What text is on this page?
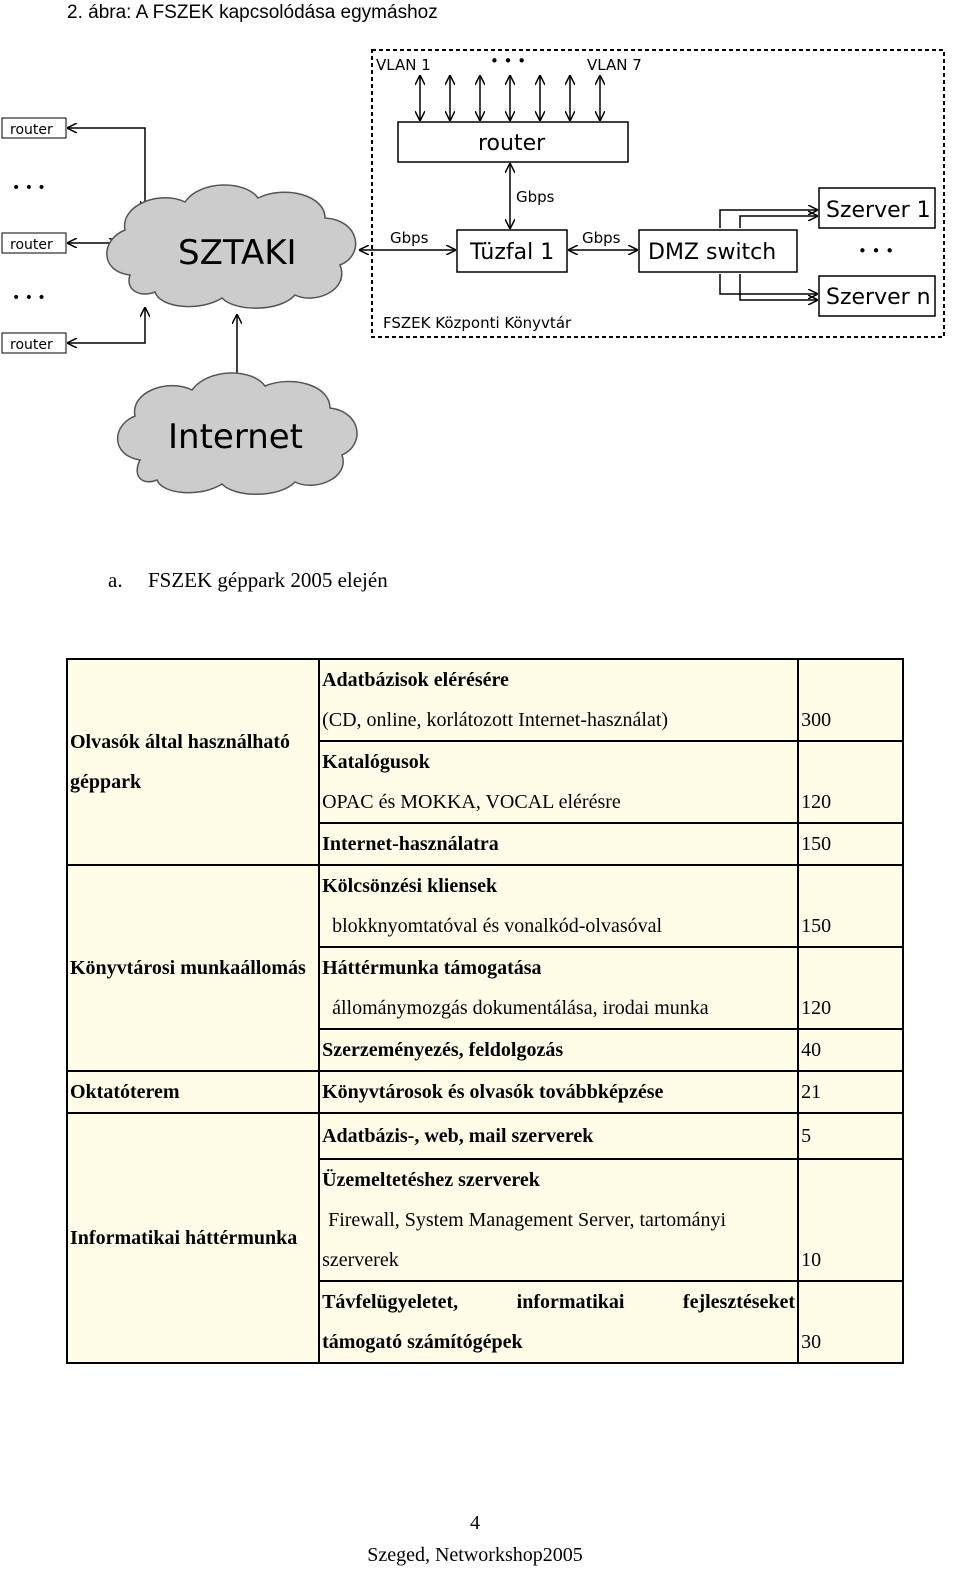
2. ábra: A FSZEK kapcsolódása egymáshoz
router
• • •
router
• • •
router
SZTAKI
Internet
Gbps
VLAN 1	• • •	VLAN 7
router
Gbps
Tüzfal 1
Gbps
DMZ switch
Szerver 1
• • •
Szerver n
FSZEK Központi Könyvtár
a. FSZEK géppark 2005 elején
Olvasók által használható géppark	Adatbázisok elérésére
(CD, online, korlátozott Internet-használat)	300

	Katalógusok
OPAC és MOKKA, VOCAL elérésre	120
	Internet-használatra	150
Könyvtárosi munkaállomás	Kölcsönzési kliensek
blokknyomtatóval és vonalkód-olvasóval	150

	Háttérmunka támogatása
állománymozgás dokumentálása, irodai munka	120
	Szerzeményezés, feldolgozás	40
Oktatóterem	Könyvtárosok és olvasók továbbképzése	21
Informatikai háttérmunka	Adatbázis-, web, mail szerverek	5

	Üzemeltetéshez szerverek
Firewall, System Management Server, tartományi
szerverek	10

	Távfelügyeletet, informatikai fejlesztéseket
támogató számítógépek	30
4
Szeged, Networkshop2005
